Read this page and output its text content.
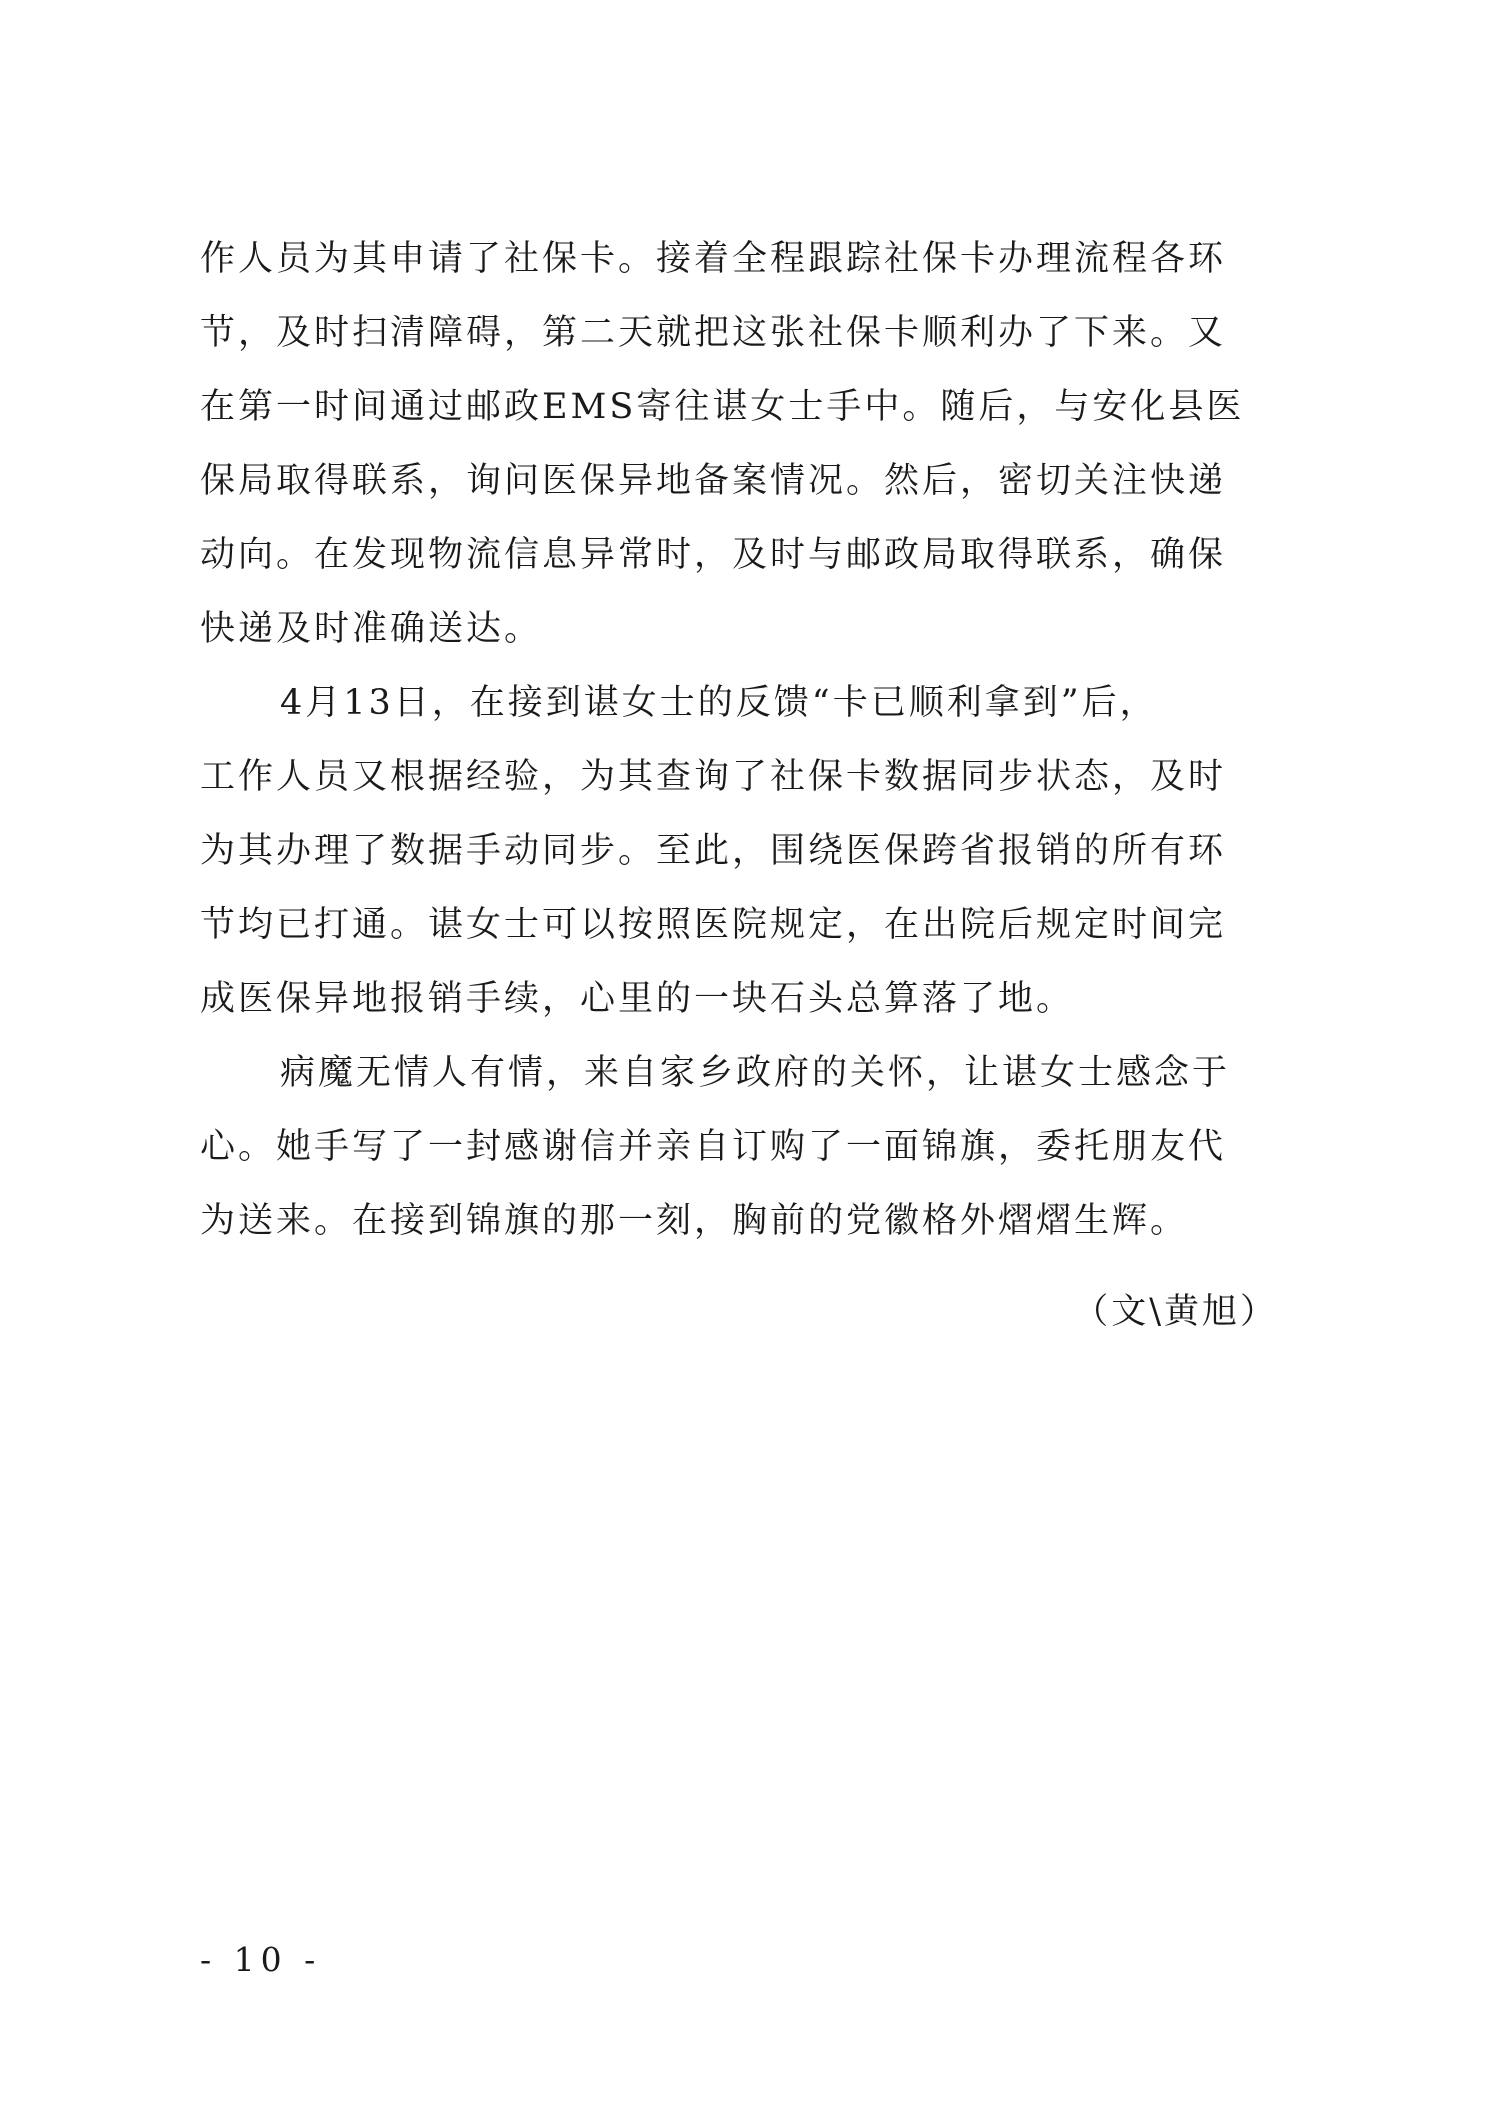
作人员为其申请了社保卡。接着全程跟踪社保卡办理流程各环
节，及时扫清障碍，第二天就把这张社保卡顺利办了下来。又
在第一时间通过邮政EMS寄往谌女士手中。随后，与安化县医
保局取得联系，询问医保异地备案情况。然后，密切关注快递
动向。在发现物流信息异常时，及时与邮政局取得联系，确保
快递及时准确送达。
4月13日，在接到谌女士的反馈“卡已顺利拿到”后，
工作人员又根据经验，为其查询了社保卡数据同步状态，及时
为其办理了数据手动同步。至此，围绕医保跨省报销的所有环
节均已打通。谌女士可以按照医院规定，在出院后规定时间完
成医保异地报销手续，心里的一块石头总算落了地。
病魔无情人有情，来自家乡政府的关怀，让谌女士感念于
心。她手写了一封感谢信并亲自订购了一面锦旗，委托朋友代
为送来。在接到锦旗的那一刻，胸前的党徽格外熠熠生辉。
（文\黄旭）
- 10 -
